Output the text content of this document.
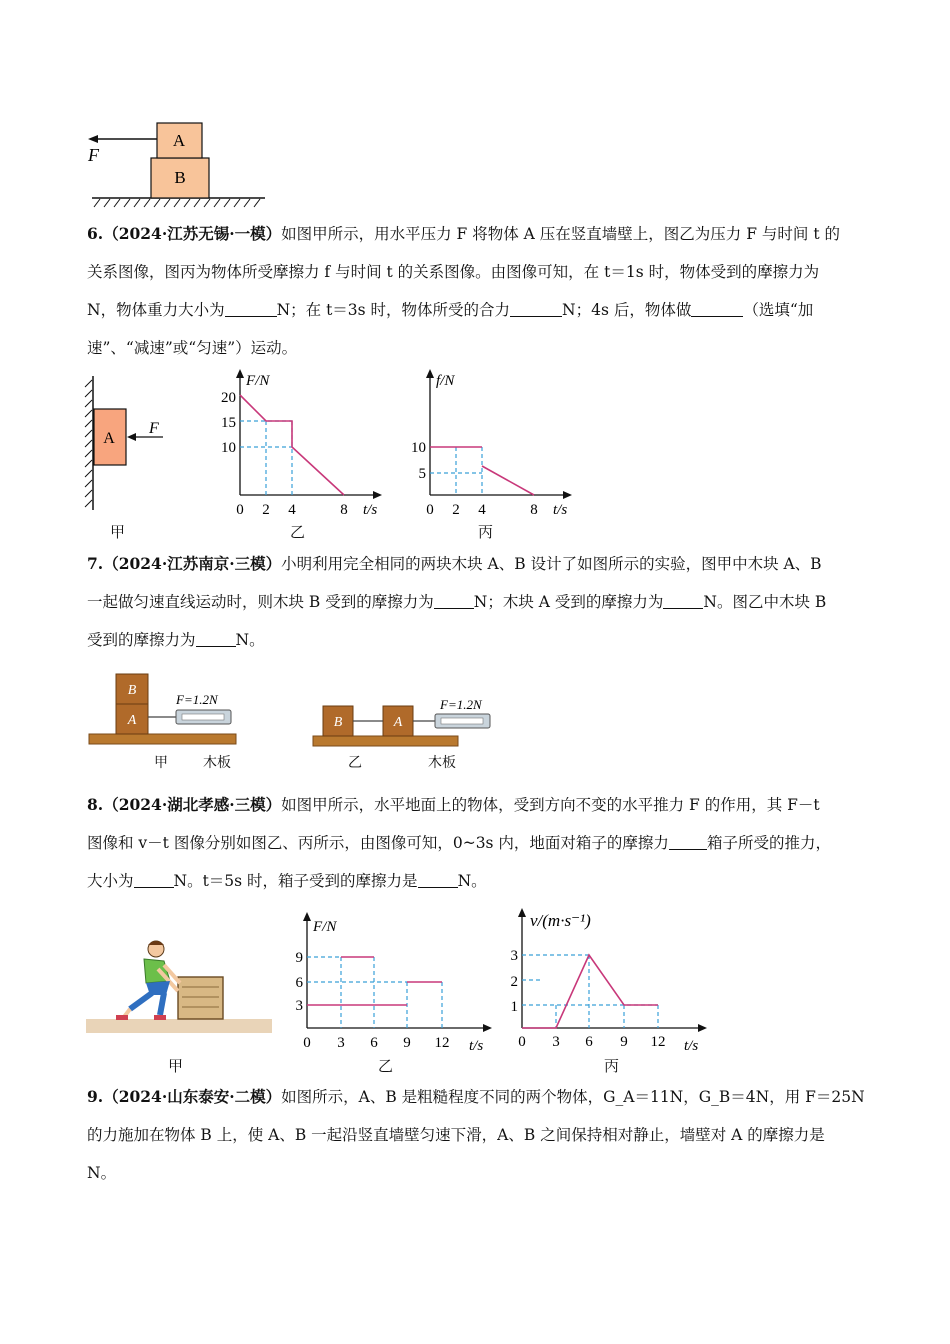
A
B
F
6.（2024·江苏无锡·一模）如图甲所示，用水平压力 F 将物体 A 压在竖直墙壁上，图乙为压力 F 与时间 t 的
关系图像，图丙为物体所受摩擦力 f 与时间 t 的关系图像。由图像可知，在 t＝1s 时，物体受到的摩擦力为
N，物体重力大小为	N；在 t＝3s 时，物体所受的合力	N；4s 后，物体做	（选填“加
速”、“减速”或“匀速”）运动。
A
F
甲
F/N
t/s
20
15
10
0 2 4	8
乙
f/N
t/s
10
5
0 2 4	8
丙
7.（2024·江苏南京·三模）小明利用完全相同的两块木块 A、B 设计了如图所示的实验，图甲中木块 A、B
一起做匀速直线运动时，则木块 B 受到的摩擦力为	N；木块 A 受到的摩擦力为	N。图乙中木块 B
受到的摩擦力为	N。
B
A
F=1.2N
甲	木板
B	A
F=1.2N
乙	木板
8.（2024·湖北孝感·三模）如图甲所示，水平地面上的物体，受到方向不变的水平推力 F 的作用，其 F－t
图像和 v－t 图像分别如图乙、丙所示，由图像可知，0~3s 内，地面对箱子的摩擦力 箱子所受的推力，
大小为	N。t＝5s 时，箱子受到的摩擦力是	N。
甲
F/N
t/s
9
6
3
0 3 6 9 12
乙
v/(m·s⁻¹)
t/s
3
2
1
0 3 6 9 12
丙
9.（2024·山东泰安·二模）如图所示，A、B 是粗糙程度不同的两个物体，G_A＝11N，G_B＝4N，用 F＝25N
的力施加在物体 B 上，使 A、B 一起沿竖直墙壁匀速下滑，A、B 之间保持相对静止，墙壁对 A 的摩擦力是
N。
